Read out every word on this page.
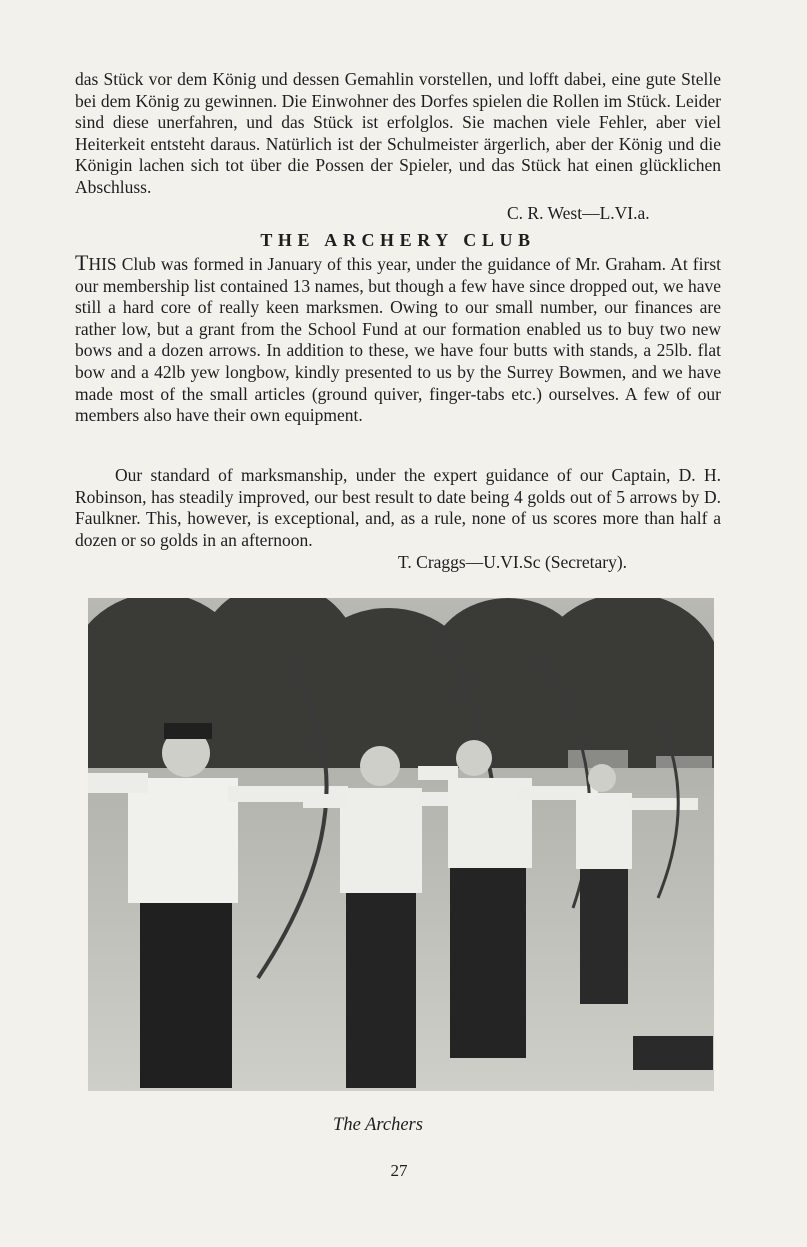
das Stück vor dem König und dessen Gemahlin vorstellen, und lofft dabei, eine gute Stelle bei dem König zu gewinnen. Die Einwohner des Dorfes spielen die Rollen im Stück. Leider sind diese unerfahren, und das Stück ist erfolglos. Sie machen viele Fehler, aber viel Heiterkeit entsteht daraus. Natürlich ist der Schulmeister ärgerlich, aber der König und die Königin lachen sich tot über die Possen der Spieler, und das Stück hat einen glücklichen Abschluss.

C. R. West—L.VI.a.
THE ARCHERY CLUB

THIS Club was formed in January of this year, under the guidance of Mr. Graham. At first our membership list contained 13 names, but though a few have since dropped out, we have still a hard core of really keen marksmen. Owing to our small number, our finances are rather low, but a grant from the School Fund at our formation enabled us to buy two new bows and a dozen arrows. In addition to these, we have four butts with stands, a 25lb. flat bow and a 42lb yew longbow, kindly presented to us by the Surrey Bowmen, and we have made most of the small articles (ground quiver, finger-tabs etc.) ourselves. A few of our members also have their own equipment.

Our standard of marksmanship, under the expert guidance of our Captain, D. H. Robinson, has steadily improved, our best result to date being 4 golds out of 5 arrows by D. Faulkner. This, however, is exceptional, and, as a rule, none of us scores more than half a dozen or so golds in an afternoon.

T. Craggs—U.VI.Sc (Secretary).

The Archers

27
